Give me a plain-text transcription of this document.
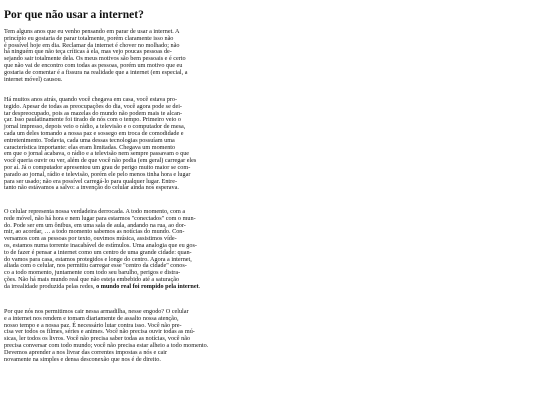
Por que não usar a internet?

Tem alguns anos que eu venho pensando em parar de usar a internet. A
princípio eu gostaria de parar totalmente, porém claramente isso não
é possível hoje em dia. Reclamar da internet é chover no molhado; não
há ninguém que não teça críticas à ela, mas vejo poucas pessoas de-
sejando sair totalmente dela. Os meus motivos são bem pessoais e é certo
que não vai de encontro com todas as pessoas, porém um motivo que eu
gostaria de comentar é a fissura na realidade que a internet (em especial, a
internet móvel) causou.

Há muitos anos atrás, quando você chegava em casa, você estava pro-
tegido. Apesar de todas as preocupações do dia, você agora pode se dei-
tar despreocupado, pois as mazelas do mundo não podem mais te alcan-
çar. Isso paulatinamente foi tirado de nós com o tempo. Primeiro veio o
jornal impresso, depois veio o rádio, a televisão e o computador de mesa,
cada um deles tomando a nossa paz e sossego em troca de comodidade e
entretenimento. Todavia, cada uma dessas tecnologias possuíam uma
característica importante: elas eram limitadas. Chegava um momento
em que o jornal acabava, o rádio e a televisão nem sempre passavam o que
você queria ouvir ou ver, além de que você não podia (em geral) carregar eles
por aí. Já o computador apresentou um grau de perigo muito maior se com-
parado ao jornal, rádio e televisão, porém ele pelo menos tinha hora e lugar
para ser usado; não era possível carregá-lo para qualquer lugar. Entre-
tanto não estávamos a salvo: a invenção do celular ainda nos esperava.

O celular representa nossa verdadeira derrocada. A todo momento, com a
rede móvel, não há hora e nem lugar para estarmos "conectados" com o mun-
do. Pode ser em um ônibus, em uma sala de aula, andando na rua, ao dor-
mir, ao acordar, … a todo momento sabemos as notícias do mundo. Con-
versamos com as pessoas por texto, ouvimos música, assistimos víde-
os, estamos numa torrente inacabável de estímulos. Uma analogia que eu gos-
to de fazer é pensar a internet como um centro de uma grande cidade: quan-
do vamos para casa, estamos protegidos e longe do centro. Agora a internet,
aliada com o celular, nos permitiu carregar esse "centro da cidade" conos-
co a todo momento, juntamente com todo seu barulho, perigos e distra-
ções. Não há mais mundo real que não esteja embebido até a saturação
da irrealidade produzida pelas redes, o mundo real foi rompido pela internet.

Por que nós nos permitimos cair nessa armadilha, nesse engodo? O celular
e a internet nos rendem e tomam diariamente de assalto nossa atenção,
nosso tempo e a nossa paz. É necessário lutar contra isso. Você não pre-
cisa ver todos os filmes, séries e animes. Você não precisa ouvir todas as mú-
sicas, ler todos os livros. Você não precisa saber todas as notícias, você não
precisa conversar com todo mundo; você não precisa estar alheio a todo momento.
Devemos aprender a nos livrar das correntes impostas a nós e cair
novamente na simples e densa desconexão que nos é de direito.
